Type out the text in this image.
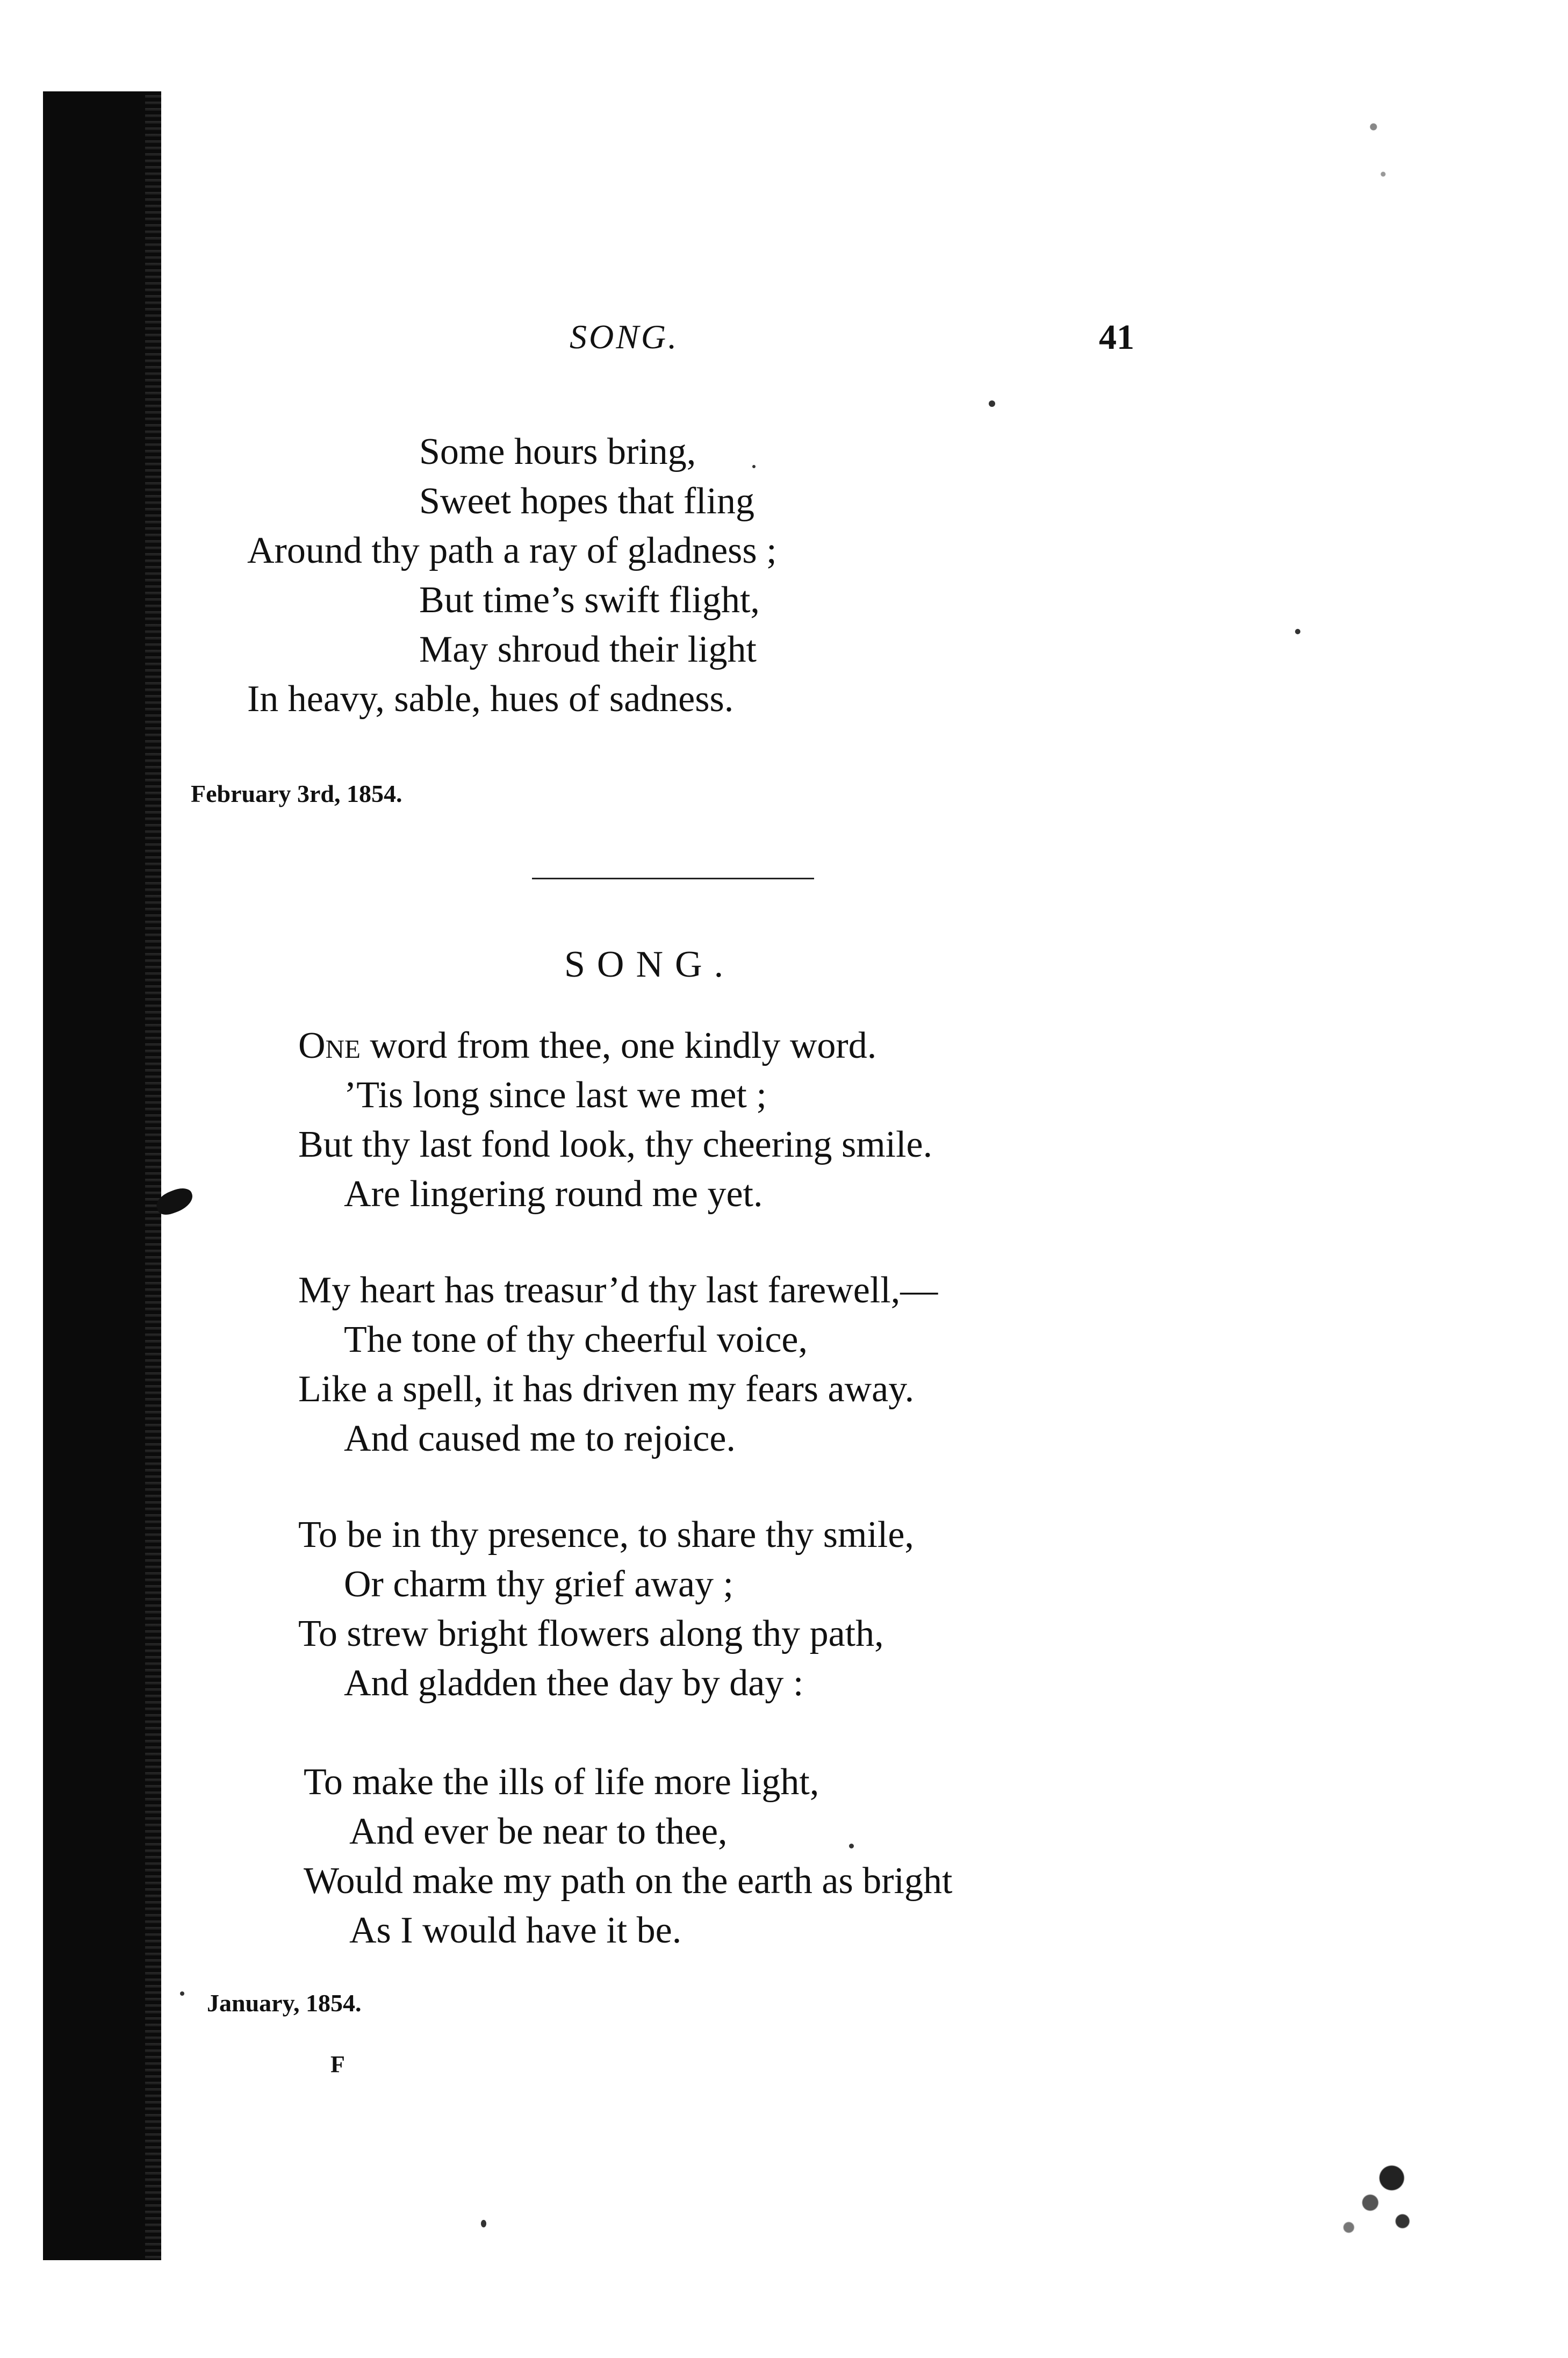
SONG.	41
Some hours bring,
Sweet hopes that fling
Around thy path a ray of gladness ;
But time’s swift flight,
May shroud their light
In heavy, sable, hues of sadness.
February 3rd, 1854.
SONG.
One word from thee, one kindly word.
’Tis long since last we met ;
But thy last fond look, thy cheering smile.
Are lingering round me yet.
My heart has treasur’d thy last farewell,—
The tone of thy cheerful voice,
Like a spell, it has driven my fears away.
And caused me to rejoice.
To be in thy presence, to share thy smile,
Or charm thy grief away ;
To strew bright flowers along thy path,
And gladden thee day by day :
To make the ills of life more light,
And ever be near to thee,
Would make my path on the earth as bright
As I would have it be.
January, 1854.
F
